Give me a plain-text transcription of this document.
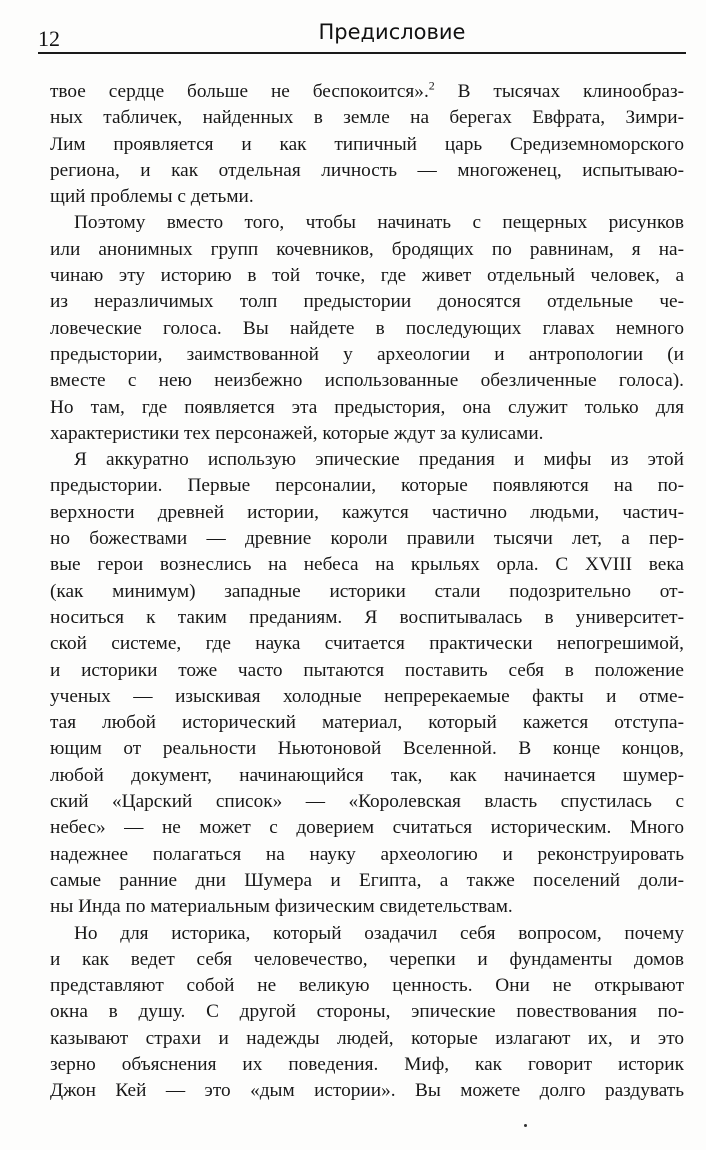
12	Предисловие

твое сердце больше не беспокоится».$^2$ В тысячах клинообраз-
ных табличек, найденных в земле на берегах Евфрата, Зимри-
Лим проявляется и как типичный царь Средиземноморского
региона, и как отдельная личность — многоженец, испытываю-
щий проблемы с детьми.

Поэтому вместо того, чтобы начинать с пещерных рисунков
или анонимных групп кочевников, бродящих по равнинам, я на-
чинаю эту историю в той точке, где живет отдельный человек, а
из неразличимых толп предыстории доносятся отдельные че-
ловеческие голоса. Вы найдете в последующих главах немного
предыстории, заимствованной у археологии и антропологии (и
вместе с нею неизбежно использованные обезличенные голоса).
Но там, где появляется эта предыстория, она служит только для
характеристики тех персонажей, которые ждут за кулисами.

Я аккуратно использую эпические предания и мифы из этой
предыстории. Первые персоналии, которые появляются на по-
верхности древней истории, кажутся частично людьми, частич-
но божествами — древние короли правили тысячи лет, а пер-
вые герои вознеслись на небеса на крыльях орла. С XVIII века
(как минимум) западные историки стали подозрительно от-
носиться к таким преданиям. Я воспитывалась в университет-
ской системе, где наука считается практически непогрешимой,
и историки тоже часто пытаются поставить себя в положение
ученых — изыскивая холодные непререкаемые факты и отме-
тая любой исторический материал, который кажется отступа-
ющим от реальности Ньютоновой Вселенной. В конце концов,
любой документ, начинающийся так, как начинается шумер-
ский «Царский список» — «Королевская власть спустилась с
небес» — не может с доверием считаться историческим. Много
надежнее полагаться на науку археологию и реконструировать
самые ранние дни Шумера и Египта, а также поселений доли-
ны Инда по материальным физическим свидетельствам.

Но для историка, который озадачил себя вопросом, почему
и как ведет себя человечество, черепки и фундаменты домов
представляют собой не великую ценность. Они не открывают
окна в душу. С другой стороны, эпические повествования по-
казывают страхи и надежды людей, которые излагают их, и это
зерно объяснения их поведения. Миф, как говорит историк
Джон Кей — это «дым истории». Вы можете долго раздувать
